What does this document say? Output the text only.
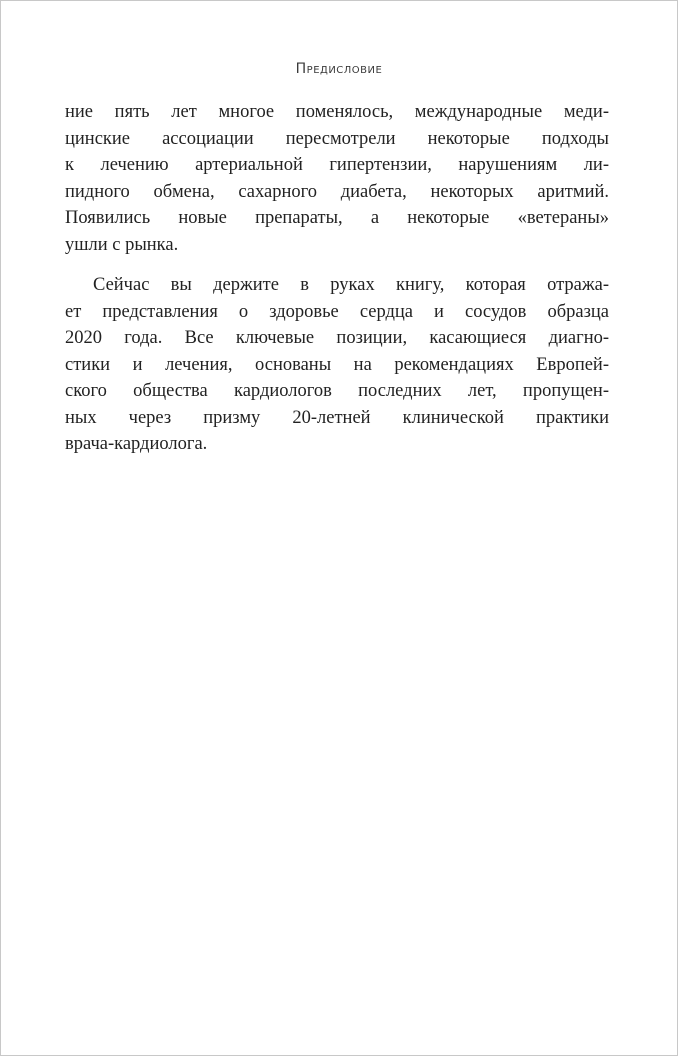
Предисловие
ние пять лет многое поменялось, международные меди-
цинские ассоциации пересмотрели некоторые подходы
к лечению артериальной гипертензии, нарушениям ли-
пидного обмена, сахарного диабета, некоторых аритмий.
Появились новые препараты, а некоторые «ветераны»
ушли с рынка.
Сейчас вы держите в руках книгу, которая отража-
ет представления о здоровье сердца и сосудов образца
2020 года. Все ключевые позиции, касающиеся диагно-
стики и лечения, основаны на рекомендациях Европей-
ского общества кардиологов последних лет, пропущен-
ных через призму 20-летней клинической практики
врача-кардиолога.
